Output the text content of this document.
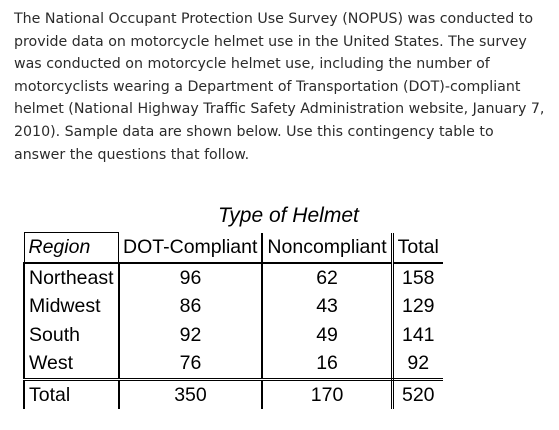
The National Occupant Protection Use Survey (NOPUS) was conducted to provide data on motorcycle helmet use in the United States. The survey was conducted on motorcycle helmet use, including the number of motorcyclists wearing a Department of Transportation (DOT)-compliant helmet (National Highway Traffic Safety Administration website, January 7, 2010). Sample data are shown below. Use this contingency table to answer the questions that follow.

Type of Helmet
Region	DOT-Compliant	Noncompliant	Total
Northeast	96	62	158
Midwest	86	43	129
South	92	49	141
West	76	16	92
Total	350	170	520
